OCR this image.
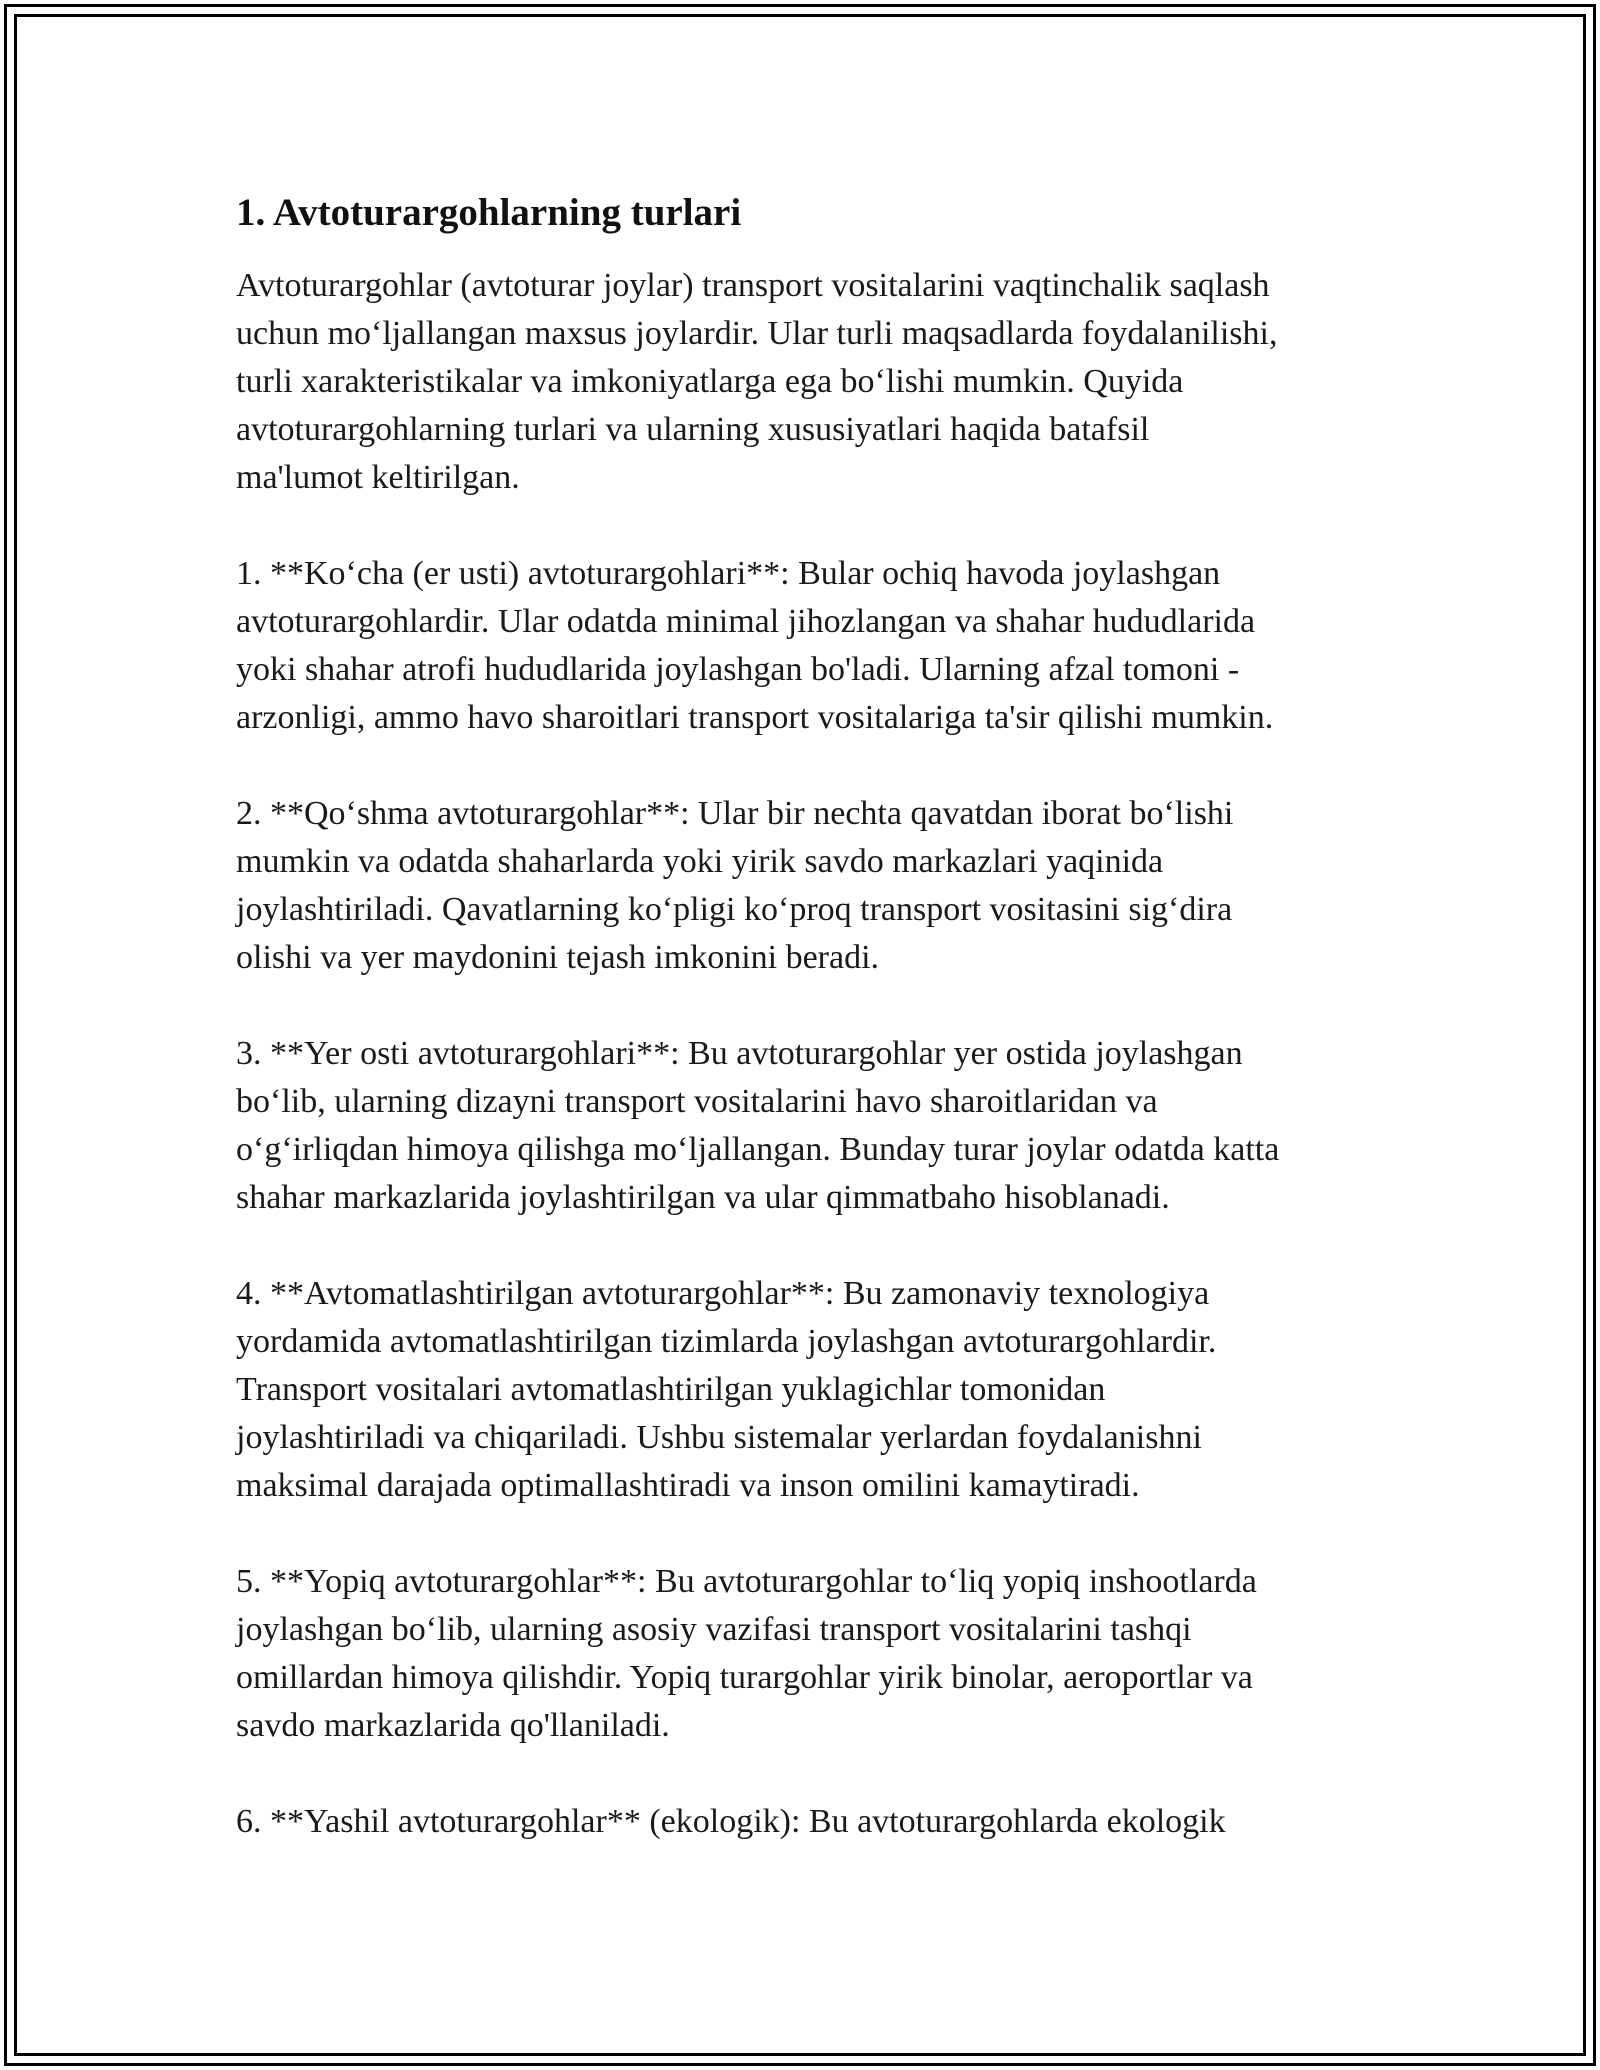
1. Avtoturargohlarning turlari
Avtoturargohlar (avtoturar joylar) transport vositalarini vaqtinchalik saqlash
uchun mo‘ljallangan maxsus joylardir. Ular turli maqsadlarda foydalanilishi,
turli xarakteristikalar va imkoniyatlarga ega bo‘lishi mumkin. Quyida
avtoturargohlarning turlari va ularning xususiyatlari haqida batafsil
ma'lumot keltirilgan.
1. **Ko‘cha (er usti) avtoturargohlari**: Bular ochiq havoda joylashgan
avtoturargohlardir. Ular odatda minimal jihozlangan va shahar hududlarida
yoki shahar atrofi hududlarida joylashgan bo'ladi. Ularning afzal tomoni -
arzonligi, ammo havo sharoitlari transport vositalariga ta'sir qilishi mumkin.
2. **Qo‘shma avtoturargohlar**: Ular bir nechta qavatdan iborat bo‘lishi
mumkin va odatda shaharlarda yoki yirik savdo markazlari yaqinida
joylashtiriladi. Qavatlarning ko‘pligi ko‘proq transport vositasini sig‘dira
olishi va yer maydonini tejash imkonini beradi.
3. **Yer osti avtoturargohlari**: Bu avtoturargohlar yer ostida joylashgan
bo‘lib, ularning dizayni transport vositalarini havo sharoitlaridan va
o‘g‘irliqdan himoya qilishga mo‘ljallangan. Bunday turar joylar odatda katta
shahar markazlarida joylashtirilgan va ular qimmatbaho hisoblanadi.
4. **Avtomatlashtirilgan avtoturargohlar**: Bu zamonaviy texnologiya
yordamida avtomatlashtirilgan tizimlarda joylashgan avtoturargohlardir.
Transport vositalari avtomatlashtirilgan yuklagichlar tomonidan
joylashtiriladi va chiqariladi. Ushbu sistemalar yerlardan foydalanishni
maksimal darajada optimallashtiradi va inson omilini kamaytiradi.
5. **Yopiq avtoturargohlar**: Bu avtoturargohlar to‘liq yopiq inshootlarda
joylashgan bo‘lib, ularning asosiy vazifasi transport vositalarini tashqi
omillardan himoya qilishdir. Yopiq turargohlar yirik binolar, aeroportlar va
savdo markazlarida qo'llaniladi.
6. **Yashil avtoturargohlar** (ekologik): Bu avtoturargohlarda ekologik
